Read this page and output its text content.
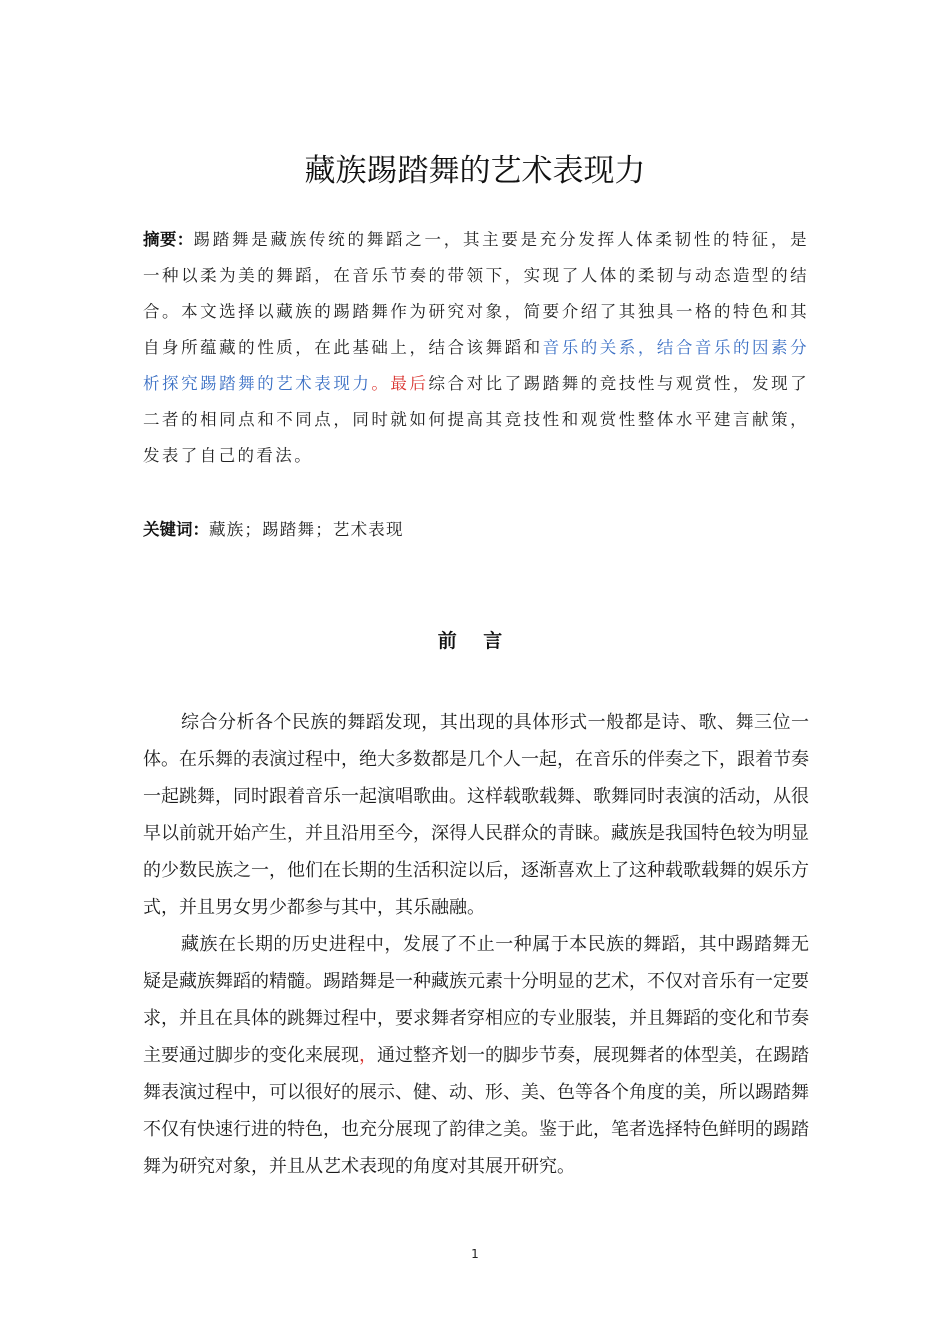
藏族踢踏舞的艺术表现力
摘要：踢踏舞是藏族传统的舞蹈之一，其主要是充分发挥人体柔韧性的特征，是一种以柔为美的舞蹈，在音乐节奏的带领下，实现了人体的柔韧与动态造型的结合。本文选择以藏族的踢踏舞作为研究对象，简要介绍了其独具一格的特色和其自身所蕴藏的性质，在此基础上，结合该舞蹈和音乐的关系，结合音乐的因素分析探究踢踏舞的艺术表现力。最后综合对比了踢踏舞的竞技性与观赏性，发现了二者的相同点和不同点，同时就如何提高其竞技性和观赏性整体水平建言献策，发表了自己的看法。
关键词：藏族；踢踏舞；艺术表现
前 言

综合分析各个民族的舞蹈发现，其出现的具体形式一般都是诗、歌、舞三位一体。在乐舞的表演过程中，绝大多数都是几个人一起，在音乐的伴奏之下，跟着节奏一起跳舞，同时跟着音乐一起演唱歌曲。这样载歌载舞、歌舞同时表演的活动，从很早以前就开始产生，并且沿用至今，深得人民群众的青睐。藏族是我国特色较为明显的少数民族之一，他们在长期的生活积淀以后，逐渐喜欢上了这种载歌载舞的娱乐方式，并且男女男少都参与其中，其乐融融。

藏族在长期的历史进程中，发展了不止一种属于本民族的舞蹈，其中踢踏舞无疑是藏族舞蹈的精髓。踢踏舞是一种藏族元素十分明显的艺术，不仅对音乐有一定要求，并且在具体的跳舞过程中，要求舞者穿相应的专业服装，并且舞蹈的变化和节奏主要通过脚步的变化来展现，通过整齐划一的脚步节奏，展现舞者的体型美，在踢踏舞表演过程中，可以很好的展示、健、动、形、美、色等各个角度的美，所以踢踏舞不仅有快速行进的特色，也充分展现了韵律之美。鉴于此，笔者选择特色鲜明的踢踏舞为研究对象，并且从艺术表现的角度对其展开研究。

1
